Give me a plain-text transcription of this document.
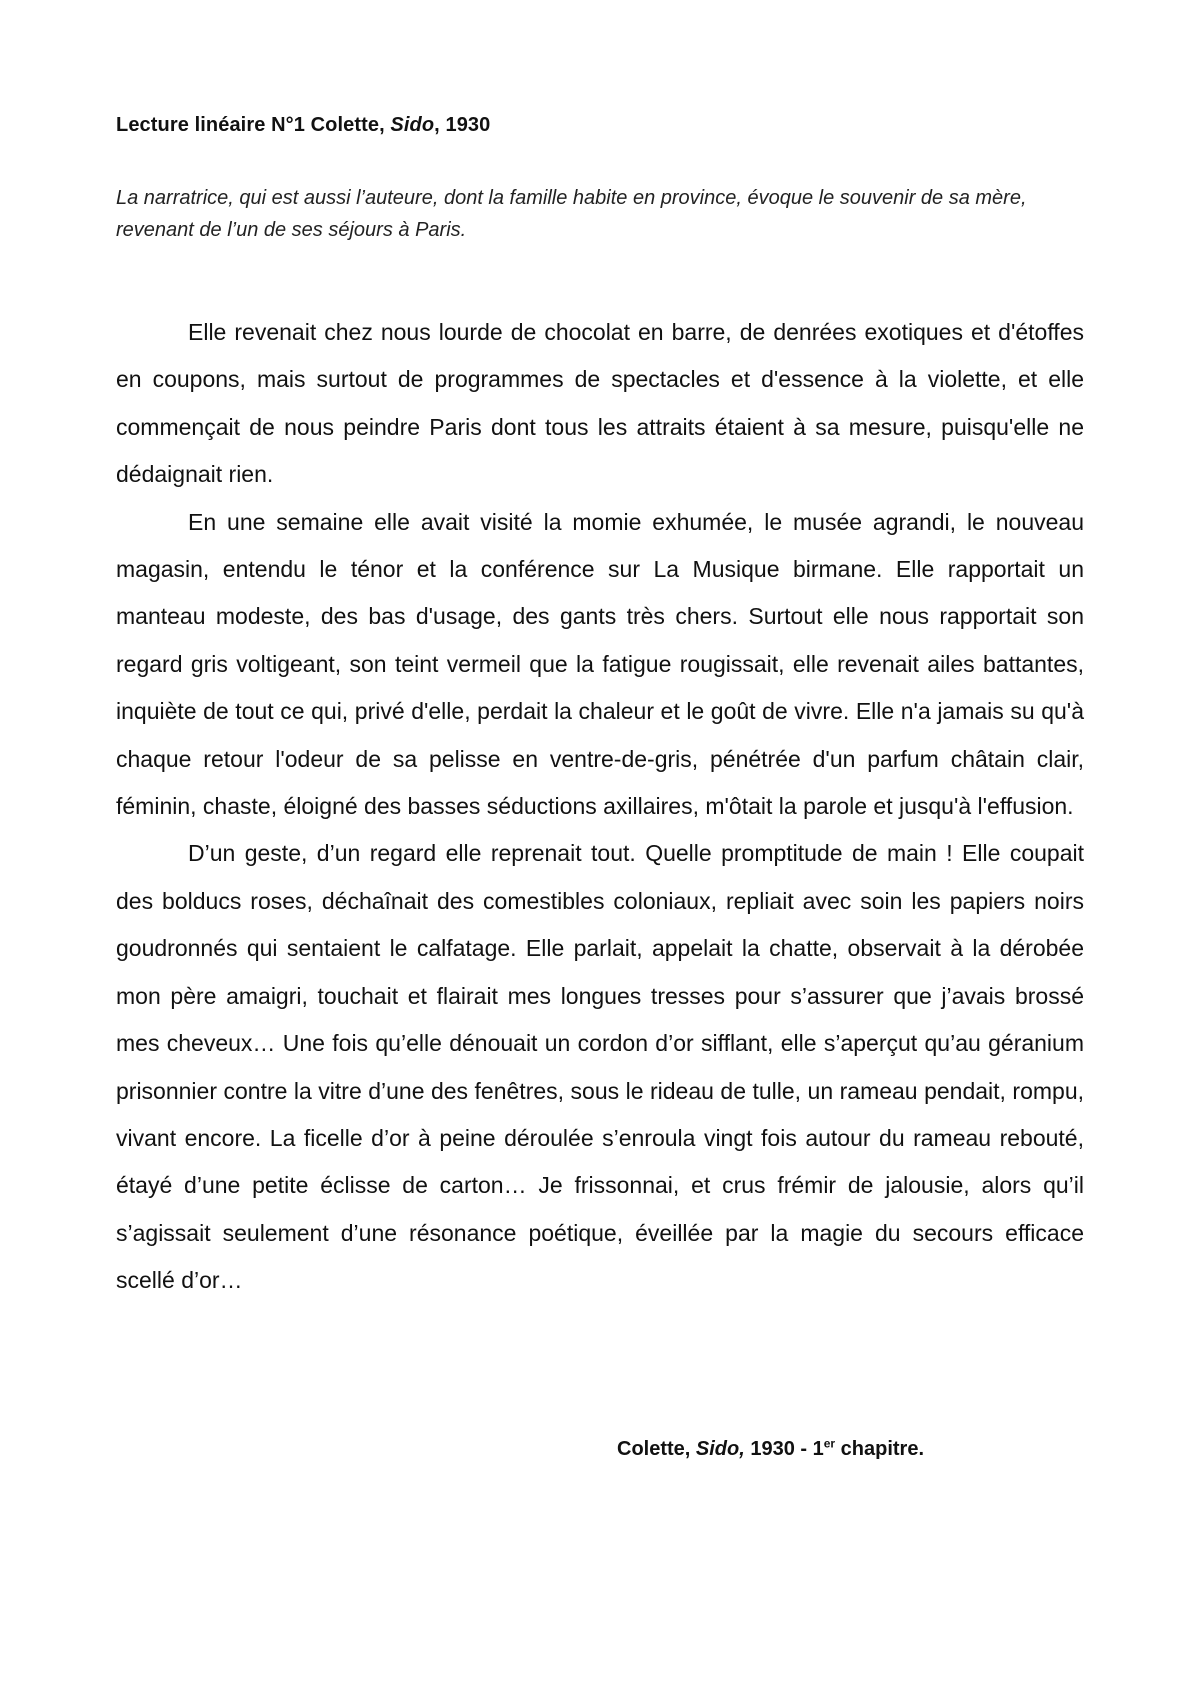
Lecture linéaire N°1 Colette, Sido, 1930
La narratrice, qui est aussi l’auteure, dont la famille habite en province, évoque le souvenir de sa mère, revenant de l’un de ses séjours à Paris.

Elle revenait chez nous lourde de chocolat en barre, de denrées exotiques et d'étoffes en coupons, mais surtout de programmes de spectacles et d'essence à la violette, et elle commençait de nous peindre Paris dont tous les attraits étaient à sa mesure, puisqu'elle ne dédaignait rien.

En une semaine elle avait visité la momie exhumée, le musée agrandi, le nouveau magasin, entendu le ténor et la conférence sur La Musique birmane. Elle rapportait un manteau modeste, des bas d'usage, des gants très chers. Surtout elle nous rapportait son regard gris voltigeant, son teint vermeil que la fatigue rougissait, elle revenait ailes battantes, inquiète de tout ce qui, privé d'elle, perdait la chaleur et le goût de vivre. Elle n'a jamais su qu'à chaque retour l'odeur de sa pelisse en ventre-de-gris, pénétrée d'un parfum châtain clair, féminin, chaste, éloigné des basses séductions axillaires, m'ôtait la parole et jusqu'à l'effusion.

D’un geste, d’un regard elle reprenait tout. Quelle promptitude de main ! Elle coupait des bolducs roses, déchaînait des comestibles coloniaux, repliait avec soin les papiers noirs goudronnés qui sentaient le calfatage. Elle parlait, appelait la chatte, observait à la dérobée mon père amaigri, touchait et flairait mes longues tresses pour s’assurer que j’avais brossé mes cheveux… Une fois qu’elle dénouait un cordon d’or sifflant, elle s’aperçut qu’au géranium prisonnier contre la vitre d’une des fenêtres, sous le rideau de tulle, un rameau pendait, rompu, vivant encore. La ficelle d’or à peine déroulée s’enroula vingt fois autour du rameau rebouté, étayé d’une petite éclisse de carton… Je frissonnai, et crus frémir de jalousie, alors qu’il s’agissait seulement d’une résonance poétique, éveillée par la magie du secours efficace scellé d’or…

Colette, Sido, 1930 - 1er chapitre.
